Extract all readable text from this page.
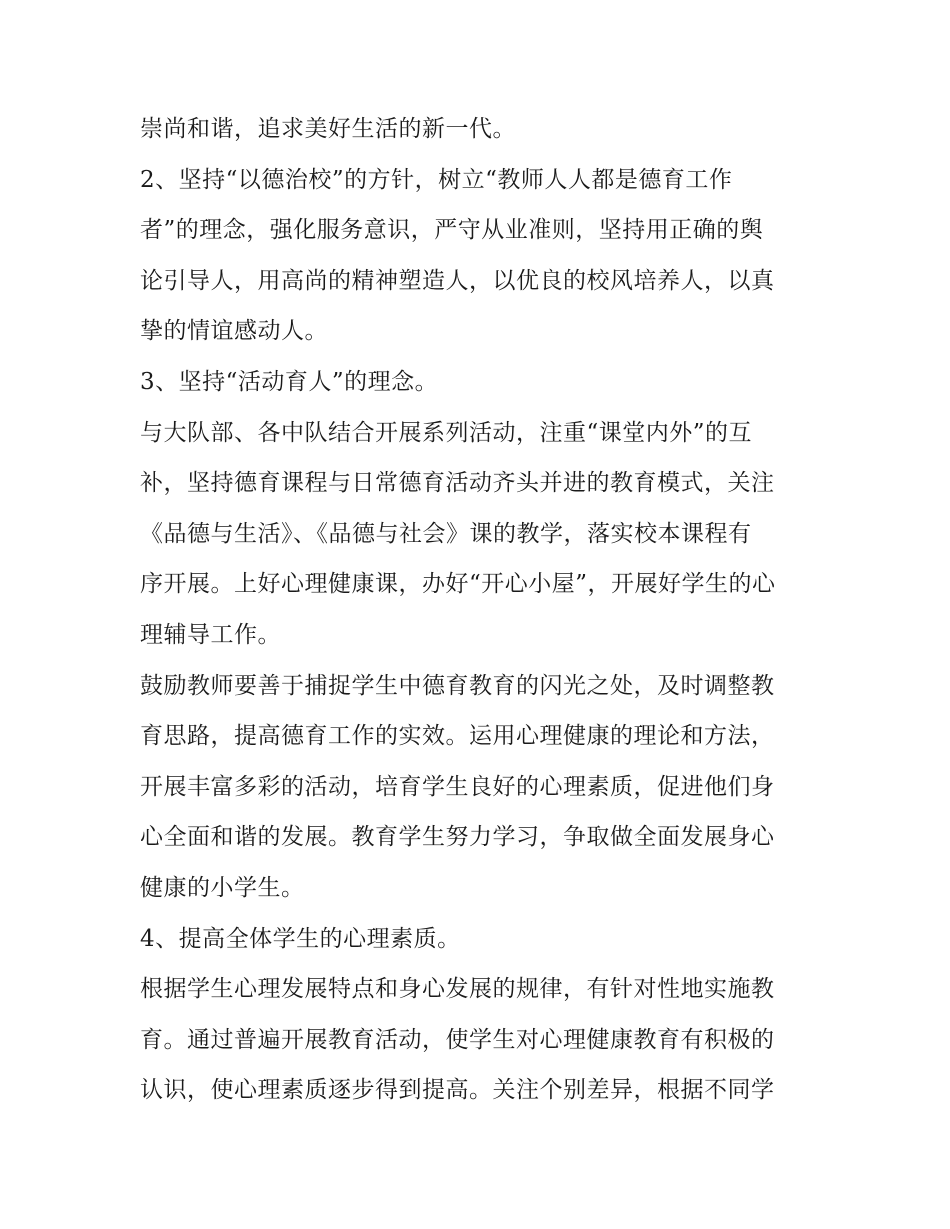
崇尚和谐，追求美好生活的新一代。

2、坚持“以德治校”的方针，树立“教师人人都是德育工作

者”的理念，强化服务意识，严守从业准则，坚持用正确的舆

论引导人，用高尚的精神塑造人，以优良的校风培养人，以真

挚的情谊感动人。

3、坚持“活动育人”的理念。

与大队部、各中队结合开展系列活动，注重“课堂内外”的互

补，坚持德育课程与日常德育活动齐头并进的教育模式，关注

《品德与生活》、《品德与社会》课的教学，落实校本课程有

序开展。上好心理健康课，办好“开心小屋”，开展好学生的心

理辅导工作。

鼓励教师要善于捕捉学生中德育教育的闪光之处，及时调整教

育思路，提高德育工作的实效。运用心理健康的理论和方法，

开展丰富多彩的活动，培育学生良好的心理素质，促进他们身

心全面和谐的发展。教育学生努力学习，争取做全面发展身心

健康的小学生。

4、提高全体学生的心理素质。

根据学生心理发展特点和身心发展的规律，有针对性地实施教

育。通过普遍开展教育活动，使学生对心理健康教育有积极的

认识，使心理素质逐步得到提高。关注个别差异，根据不同学
